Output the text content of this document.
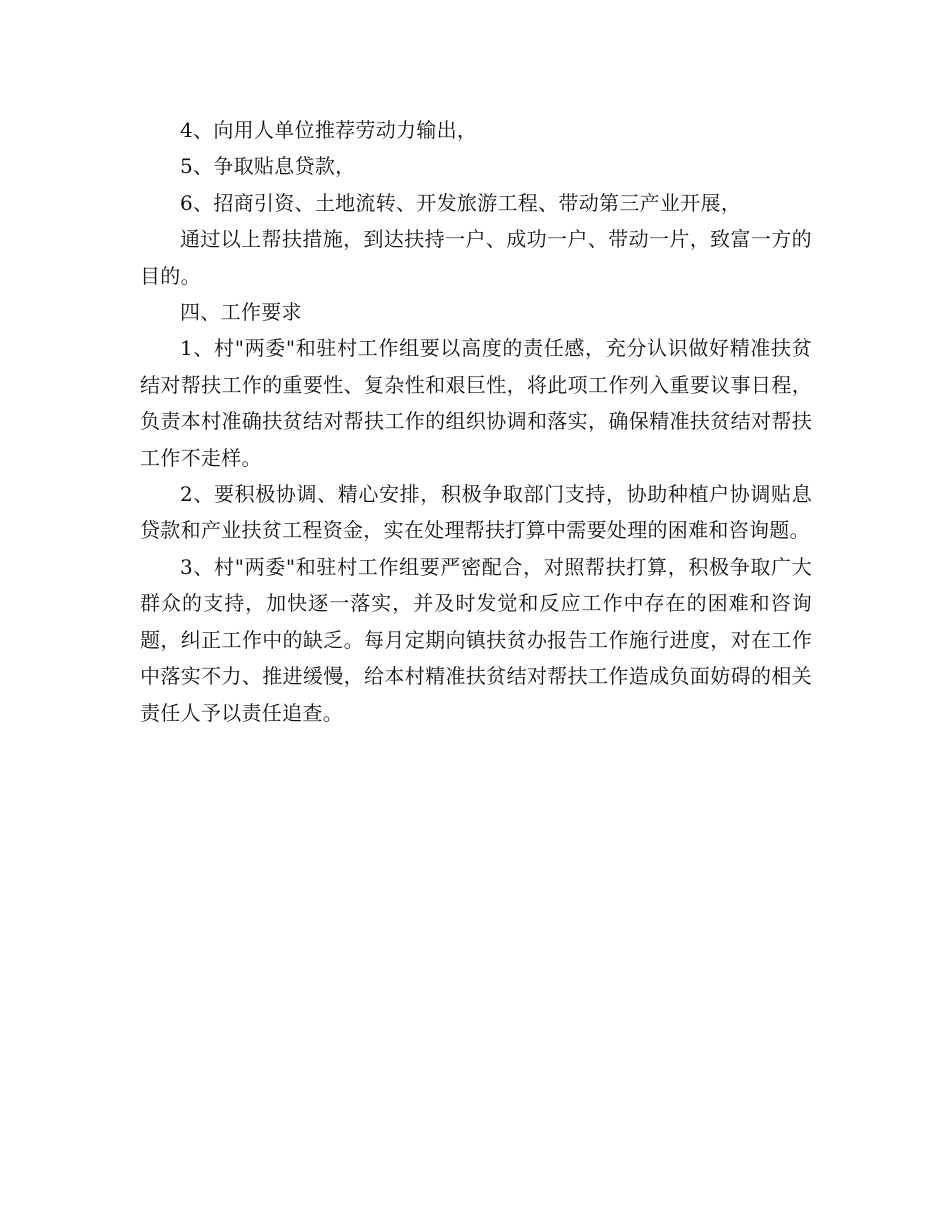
4、向用人单位推荐劳动力输出，

5、争取贴息贷款，

6、招商引资、土地流转、开发旅游工程、带动第三产业开展，

通过以上帮扶措施，到达扶持一户、成功一户、带动一片，致富一方的目的。

四、工作要求

1、村"两委"和驻村工作组要以高度的责任感，充分认识做好精准扶贫结对帮扶工作的重要性、复杂性和艰巨性，将此项工作列入重要议事日程，负责本村准确扶贫结对帮扶工作的组织协调和落实，确保精准扶贫结对帮扶工作不走样。

2、要积极协调、精心安排，积极争取部门支持，协助种植户协调贴息贷款和产业扶贫工程资金，实在处理帮扶打算中需要处理的困难和咨询题。

3、村"两委"和驻村工作组要严密配合，对照帮扶打算，积极争取广大群众的支持，加快逐一落实，并及时发觉和反应工作中存在的困难和咨询题，纠正工作中的缺乏。每月定期向镇扶贫办报告工作施行进度，对在工作中落实不力、推进缓慢，给本村精准扶贫结对帮扶工作造成负面妨碍的相关责任人予以责任追查。
